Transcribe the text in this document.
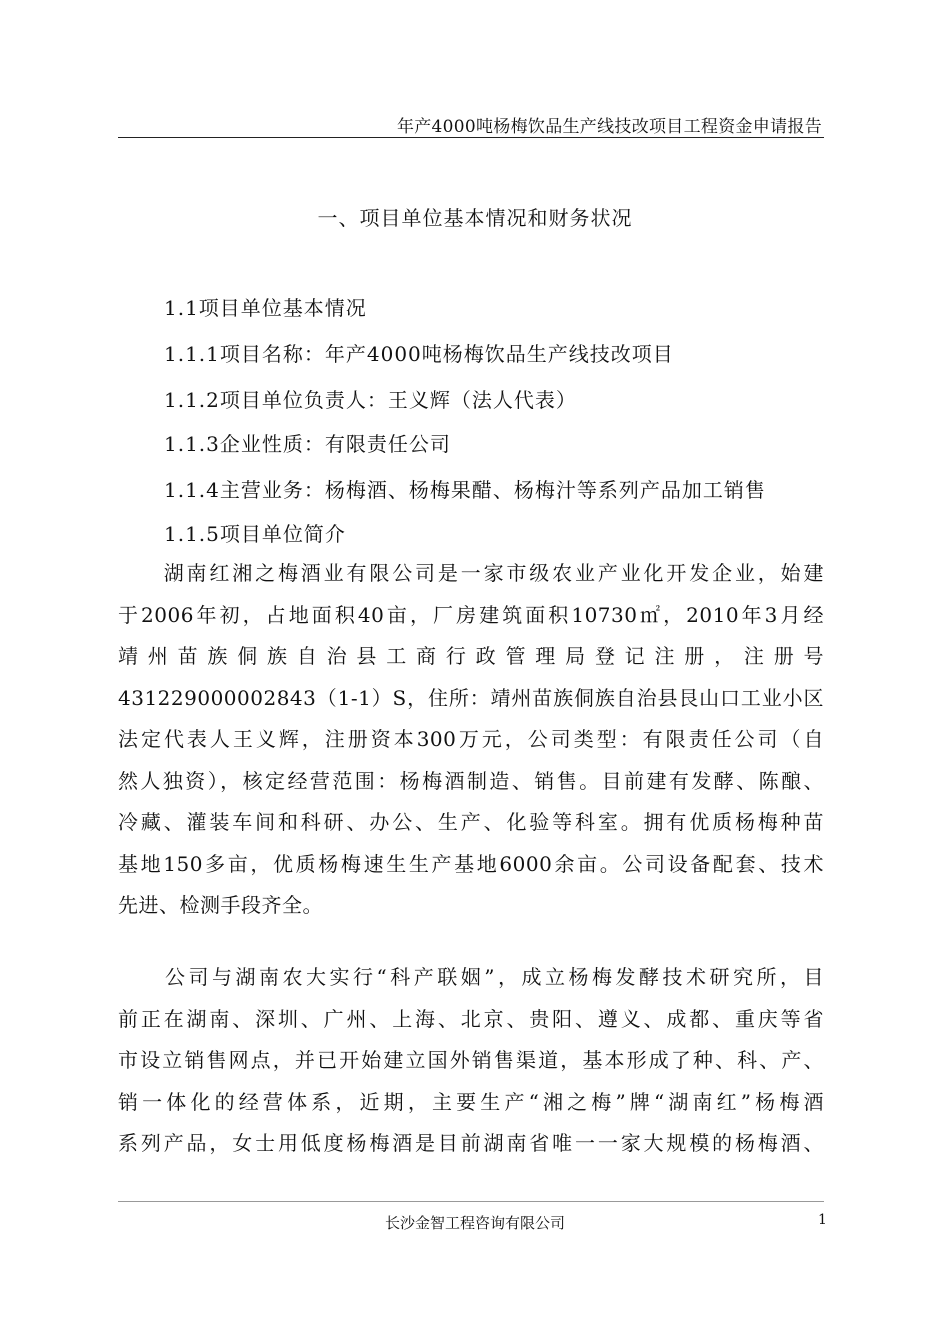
年产4000吨杨梅饮品生产线技改项目工程资金申请报告
一、项目单位基本情况和财务状况
1.1项目单位基本情况
1.1.1项目名称：年产4000吨杨梅饮品生产线技改项目
1.1.2项目单位负责人：王义辉（法人代表）
1.1.3企业性质：有限责任公司
1.1.4主营业务：杨梅酒、杨梅果醋、杨梅汁等系列产品加工销售
1.1.5项目单位简介
　　湖南红湘之梅酒业有限公司是一家市级农业产业化开发企业，始建
于2006年初，占地面积40亩，厂房建筑面积10730㎡，2010年3月经
靖州苗族侗族自治县工商行政管理局登记注册，注册号
431229000002843（1-1）S，住所：靖州苗族侗族自治县艮山口工业小区
法定代表人王义辉，注册资本300万元，公司类型：有限责任公司（自
然人独资），核定经营范围：杨梅酒制造、销售。目前建有发酵、陈酿、
冷藏、灌装车间和科研、办公、生产、化验等科室。拥有优质杨梅种苗
基地150多亩，优质杨梅速生生产基地6000余亩。公司设备配套、技术
先进、检测手段齐全。
　　公司与湖南农大实行“科产联姻”，成立杨梅发酵技术研究所，目
前正在湖南、深圳、广州、上海、北京、贵阳、遵义、成都、重庆等省
市设立销售网点，并已开始建立国外销售渠道，基本形成了种、科、产、
销一体化的经营体系，近期，主要生产“湘之梅”牌“湖南红”杨梅酒
系列产品，女士用低度杨梅酒是目前湖南省唯一一家大规模的杨梅酒、
长沙金智工程咨询有限公司	1
